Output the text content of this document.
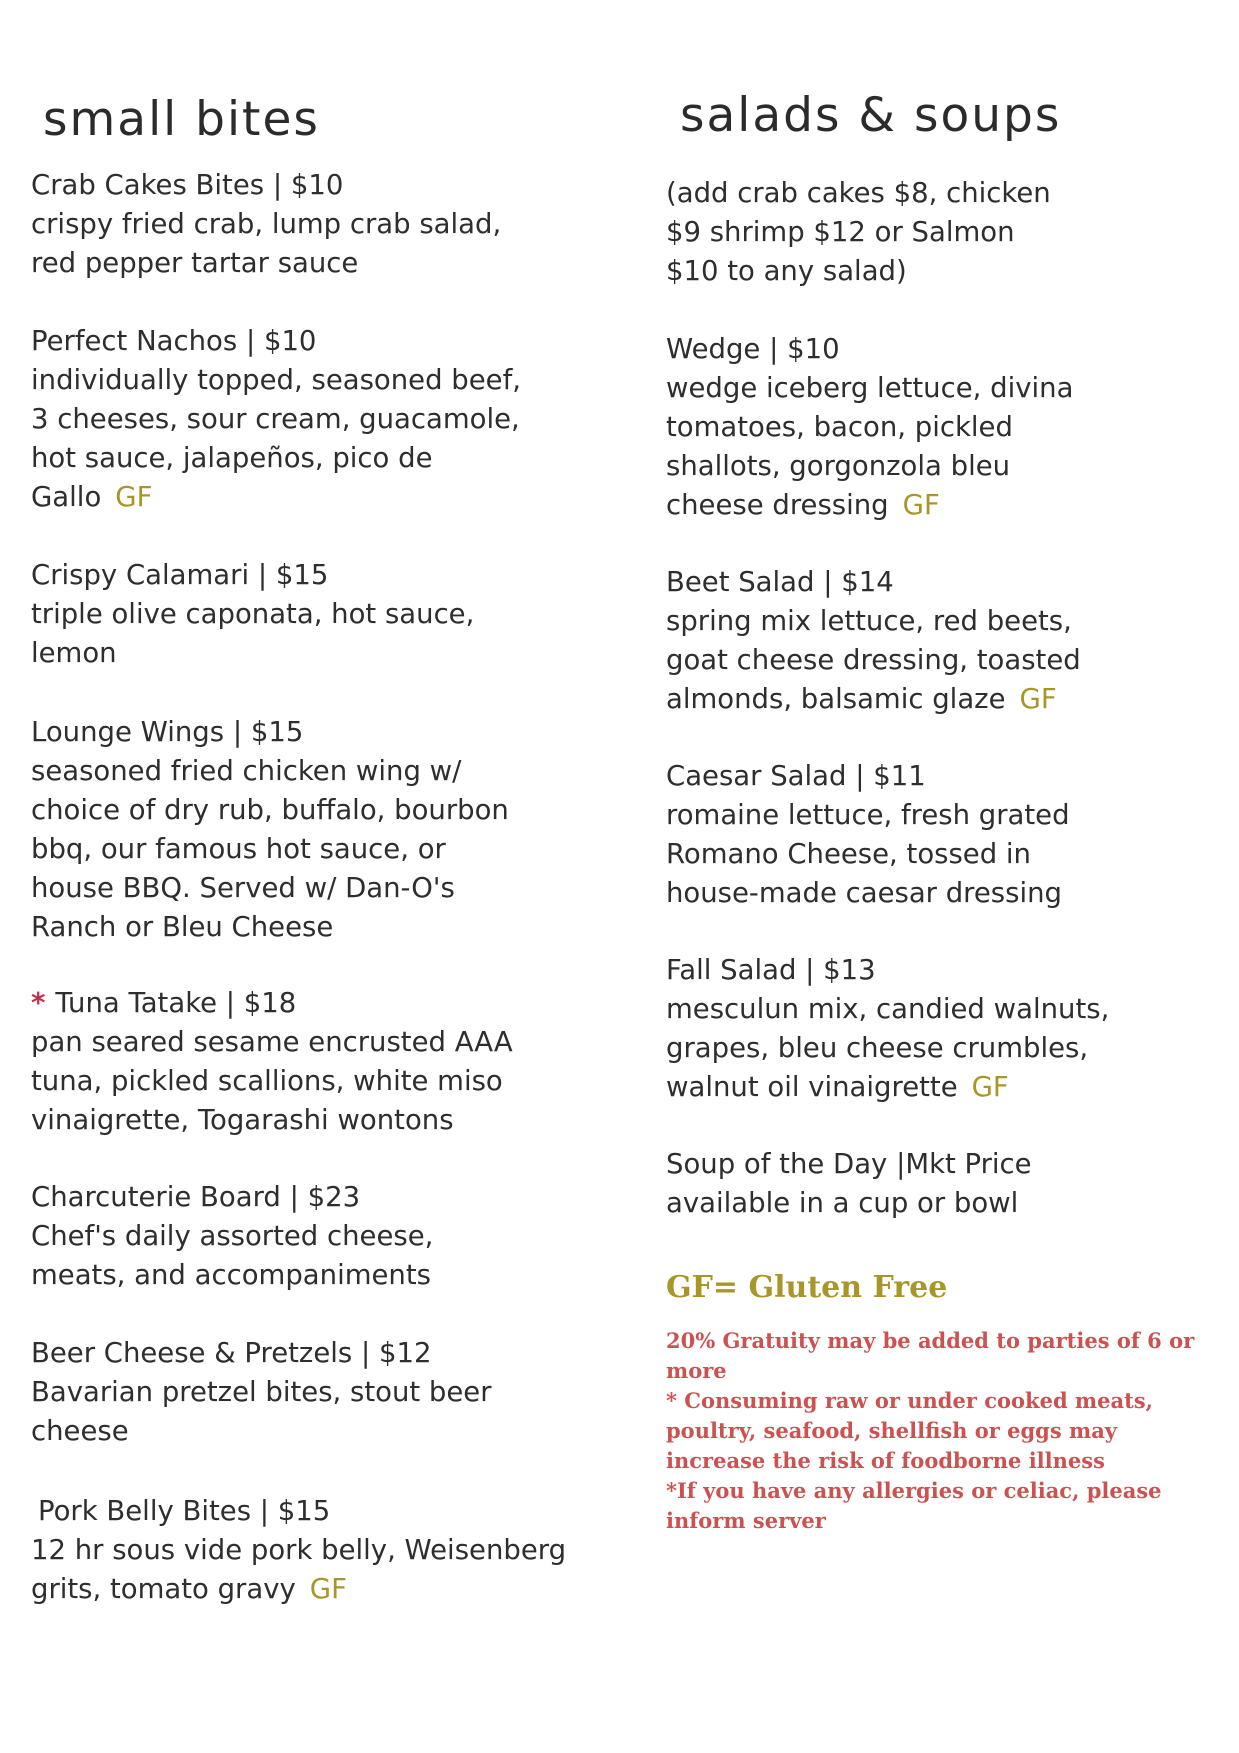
small bites
Crab Cakes Bites | $10
crispy fried crab, lump crab salad,
red pepper tartar sauce
Perfect Nachos | $10
individually topped, seasoned beef,
3 cheeses, sour cream, guacamole,
hot sauce, jalapeños, pico de
Gallo GF
Crispy Calamari | $15
triple olive caponata, hot sauce,
lemon
Lounge Wings | $15
seasoned fried chicken wing w/
choice of dry rub, buffalo, bourbon
bbq, our famous hot sauce, or
house BBQ. Served w/ Dan-O's
Ranch or Bleu Cheese
* Tuna Tatake | $18
pan seared sesame encrusted AAA
tuna, pickled scallions, white miso
vinaigrette, Togarashi wontons
Charcuterie Board | $23
Chef's daily assorted cheese,
meats, and accompaniments
Beer Cheese & Pretzels | $12
Bavarian pretzel bites, stout beer
cheese
Pork Belly Bites | $15
12 hr sous vide pork belly, Weisenberg
grits, tomato gravy GF
salads & soups
(add crab cakes $8, chicken
$9 shrimp $12 or Salmon
$10 to any salad)
Wedge | $10
wedge iceberg lettuce, divina
tomatoes, bacon, pickled
shallots, gorgonzola bleu
cheese dressing GF
Beet Salad | $14
spring mix lettuce, red beets,
goat cheese dressing, toasted
almonds, balsamic glaze GF
Caesar Salad | $11
romaine lettuce, fresh grated
Romano Cheese, tossed in
house-made caesar dressing
Fall Salad | $13
mesculun mix, candied walnuts,
grapes, bleu cheese crumbles,
walnut oil vinaigrette GF
Soup of the Day |Mkt Price
available in a cup or bowl
GF= Gluten Free
20% Gratuity may be added to parties of 6 or
more
* Consuming raw or under cooked meats,
poultry, seafood, shellfish or eggs may
increase the risk of foodborne illness
*If you have any allergies or celiac, please
inform server
